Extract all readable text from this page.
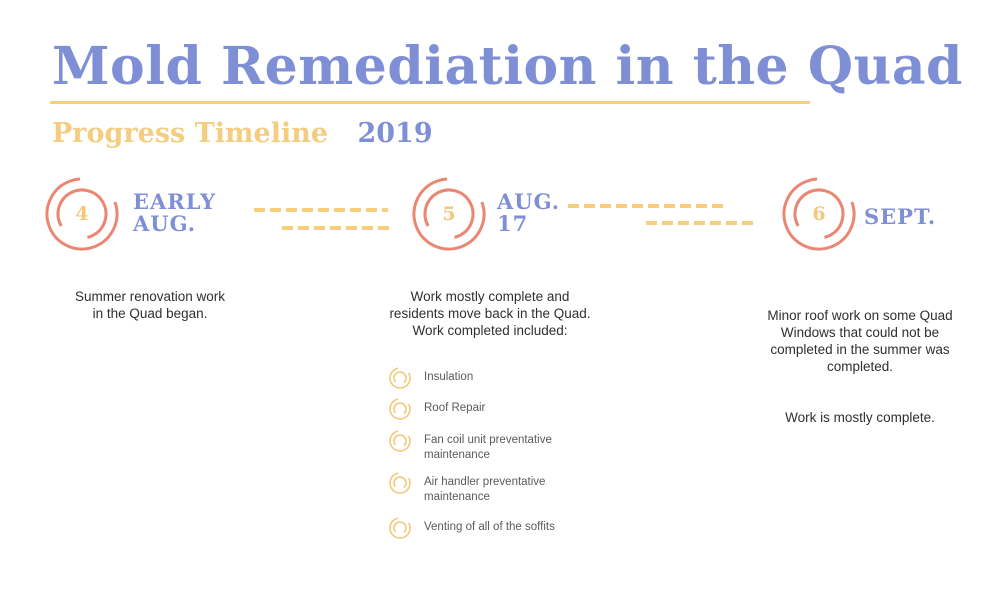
Mold Remediation in the Quad
Progress Timeline 2019
4	EARLY
AUG.	5	AUG.
17	6	SEPT.
Summer renovation work
in the Quad began.
Work mostly complete and
residents move back in the Quad.
Work completed included:

Minor roof work on some Quad
Windows that could not be
completed in the summer was
completed.

Work is mostly complete.

Insulation
Roof Repair
Fan coil unit preventative
maintenance
Air handler preventative
maintenance
Venting of all of the soffits
